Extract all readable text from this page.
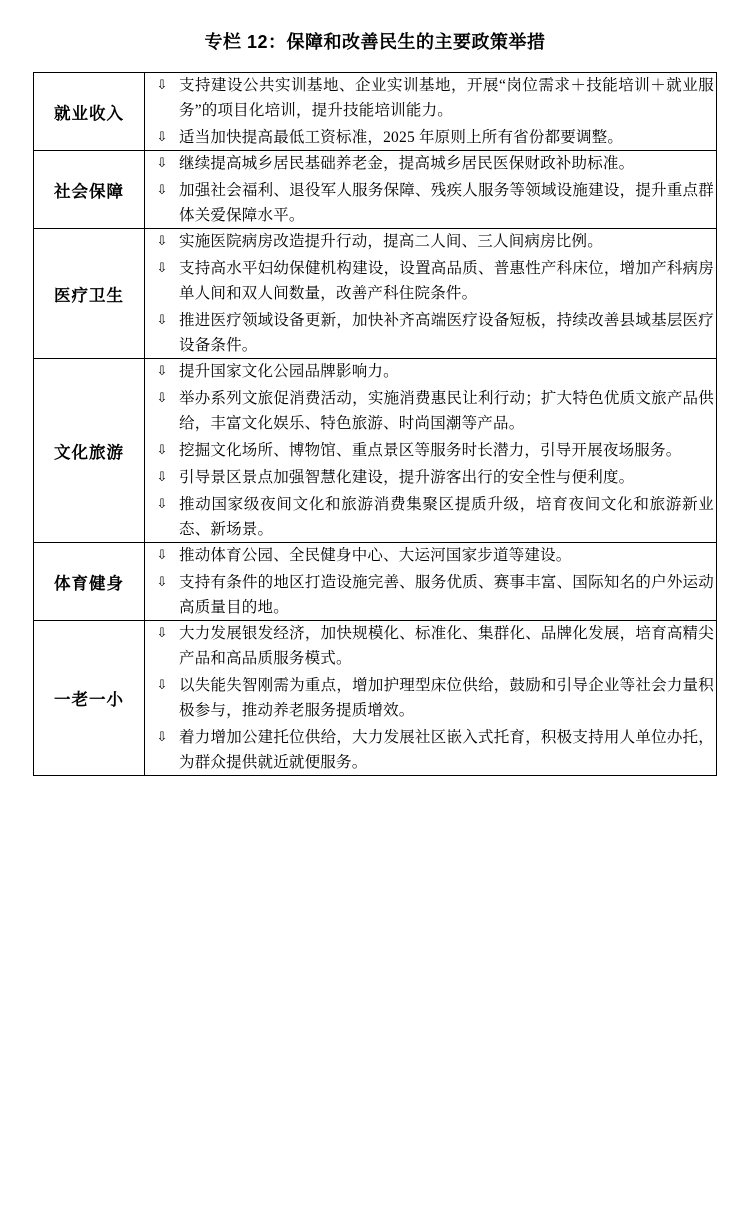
专栏 12：保障和改善民生的主要政策举措
就业收入	
⇩ 支持建设公共实训基地、企业实训基地，开展“岗位需求＋技能培训＋就业服务”的项目化培训，提升技能培训能力。
⇩ 适当加快提高最低工资标准，2025 年原则上所有省份都要调整。

社会保障	
⇩ 继续提高城乡居民基础养老金，提高城乡居民医保财政补助标准。
⇩ 加强社会福利、退役军人服务保障、残疾人服务等领域设施建设，提升重点群体关爱保障水平。

医疗卫生	
⇩ 实施医院病房改造提升行动，提高二人间、三人间病房比例。
⇩ 支持高水平妇幼保健机构建设，设置高品质、普惠性产科床位，增加产科病房单人间和双人间数量，改善产科住院条件。
⇩ 推进医疗领域设备更新，加快补齐高端医疗设备短板，持续改善县域基层医疗设备条件。

文化旅游	
⇩ 提升国家文化公园品牌影响力。
⇩ 举办系列文旅促消费活动，实施消费惠民让利行动；扩大特色优质文旅产品供给，丰富文化娱乐、特色旅游、时尚国潮等产品。
⇩ 挖掘文化场所、博物馆、重点景区等服务时长潜力，引导开展夜场服务。
⇩ 引导景区景点加强智慧化建设，提升游客出行的安全性与便利度。
⇩ 推动国家级夜间文化和旅游消费集聚区提质升级，培育夜间文化和旅游新业态、新场景。

体育健身	
⇩ 推动体育公园、全民健身中心、大运河国家步道等建设。
⇩ 支持有条件的地区打造设施完善、服务优质、赛事丰富、国际知名的户外运动高质量目的地。

一老一小	
⇩ 大力发展银发经济，加快规模化、标准化、集群化、品牌化发展，培育高精尖产品和高品质服务模式。
⇩ 以失能失智刚需为重点，增加护理型床位供给，鼓励和引导企业等社会力量积极参与，推动养老服务提质增效。
⇩ 着力增加公建托位供给，大力发展社区嵌入式托育，积极支持用人单位办托，为群众提供就近就便服务。
